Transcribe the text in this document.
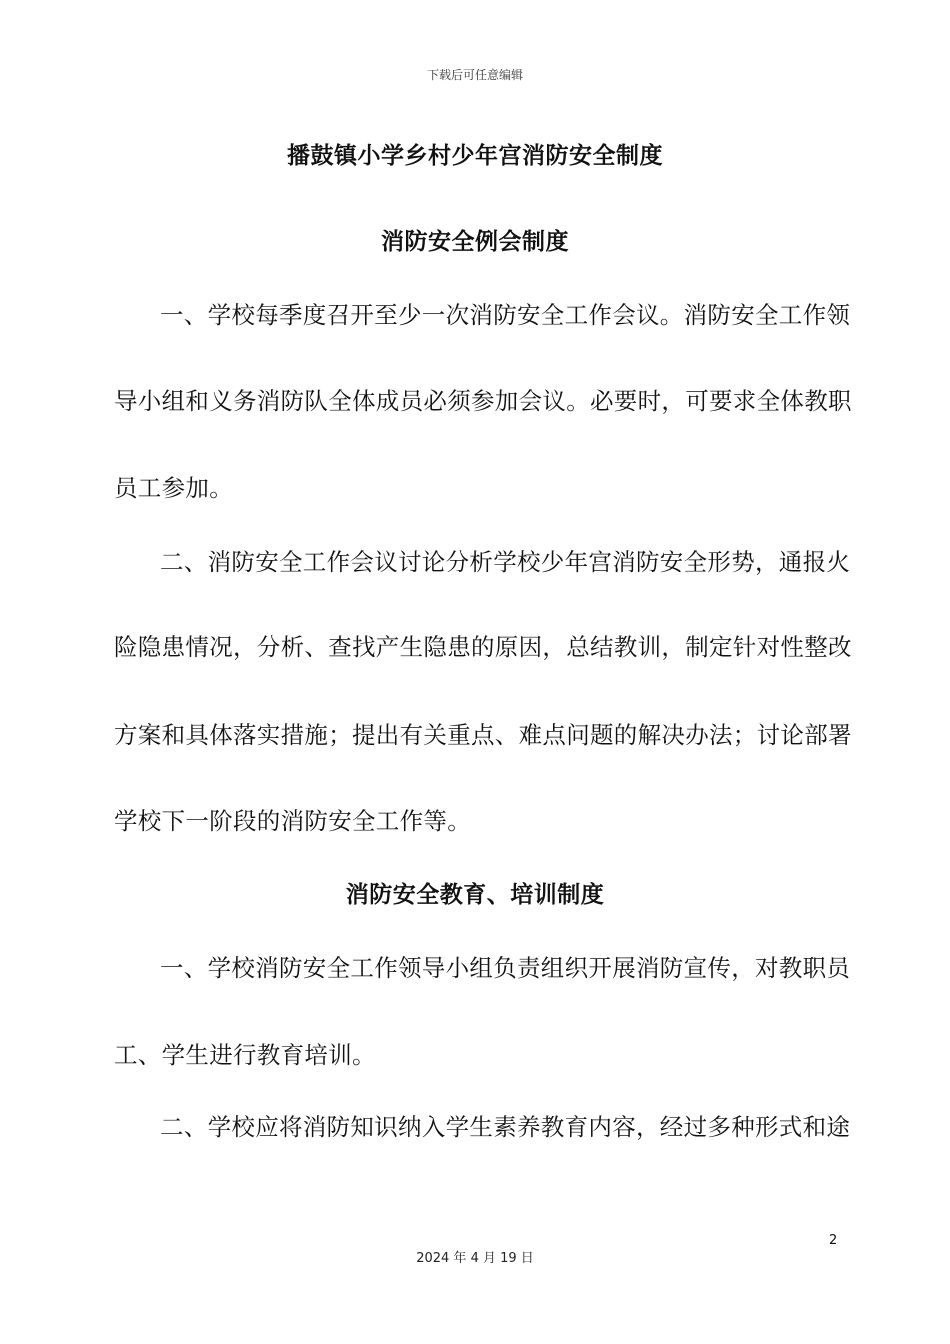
下载后可任意编辑
播鼓镇小学乡村少年宫消防安全制度
消防安全例会制度
一、学校每季度召开至少一次消防安全工作会议。消防安全工作领
导小组和义务消防队全体成员必须参加会议。必要时，可要求全体教职
员工参加。
二、消防安全工作会议讨论分析学校少年宫消防安全形势，通报火
险隐患情况，分析、查找产生隐患的原因，总结教训，制定针对性整改
方案和具体落实措施；提出有关重点、难点问题的解决办法；讨论部署
学校下一阶段的消防安全工作等。
消防安全教育、培训制度
一、学校消防安全工作领导小组负责组织开展消防宣传，对教职员
工、学生进行教育培训。
二、学校应将消防知识纳入学生素养教育内容，经过多种形式和途
2
2024 年 4 月 19 日
